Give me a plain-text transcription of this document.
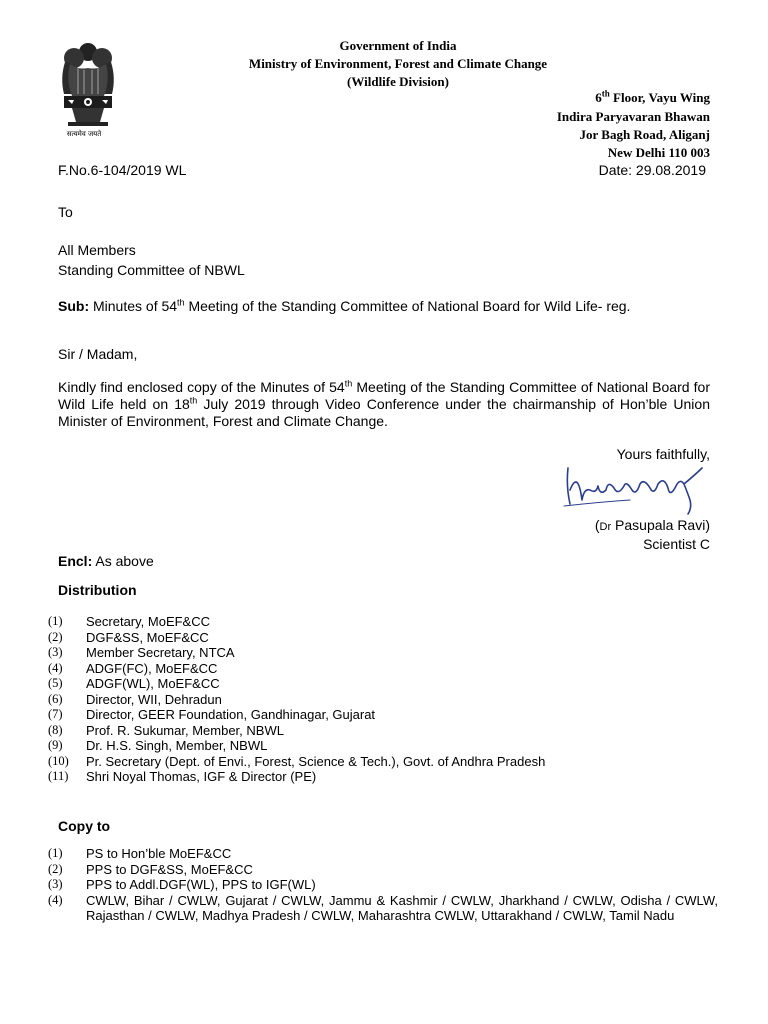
सत्यमेव जयते
Government of India
Ministry of Environment, Forest and Climate Change
(Wildlife Division)
6th Floor, Vayu Wing
Indira Paryavaran Bhawan
Jor Bagh Road, Aliganj
New Delhi 110 003
F.No.6-104/2019 WL	Date: 29.08.2019
To
All Members
Standing Committee of NBWL
Sub: Minutes of 54th Meeting of the Standing Committee of National Board for Wild Life- reg.
Sir / Madam,
Kindly find enclosed copy of the Minutes of 54th Meeting of the Standing Committee of National Board for Wild Life held on 18th July 2019 through Video Conference under the chairmanship of Hon’ble Union Minister of Environment, Forest and Climate Change.
Yours faithfully,
(Dr Pasupala Ravi)
Scientist C
Encl: As above
Distribution
(1)	Secretary, MoEF&CC
(2)	DGF&SS, MoEF&CC
(3)	Member Secretary, NTCA
(4)	ADGF(FC), MoEF&CC
(5)	ADGF(WL), MoEF&CC
(6)	Director, WII, Dehradun
(7)	Director, GEER Foundation, Gandhinagar, Gujarat
(8)	Prof. R. Sukumar, Member, NBWL
(9)	Dr. H.S. Singh, Member, NBWL
(10)	Pr. Secretary (Dept. of Envi., Forest, Science & Tech.), Govt. of Andhra Pradesh
(11)	Shri Noyal Thomas, IGF & Director (PE)
Copy to
(1)	PS to Hon’ble MoEF&CC
(2)	PPS to DGF&SS, MoEF&CC
(3)	PPS to Addl.DGF(WL), PPS to IGF(WL)
(4)	CWLW, Bihar / CWLW, Gujarat / CWLW, Jammu & Kashmir / CWLW, Jharkhand / CWLW, Odisha / CWLW, Rajasthan / CWLW, Madhya Pradesh / CWLW, Maharashtra CWLW, Uttarakhand / CWLW, Tamil Nadu
